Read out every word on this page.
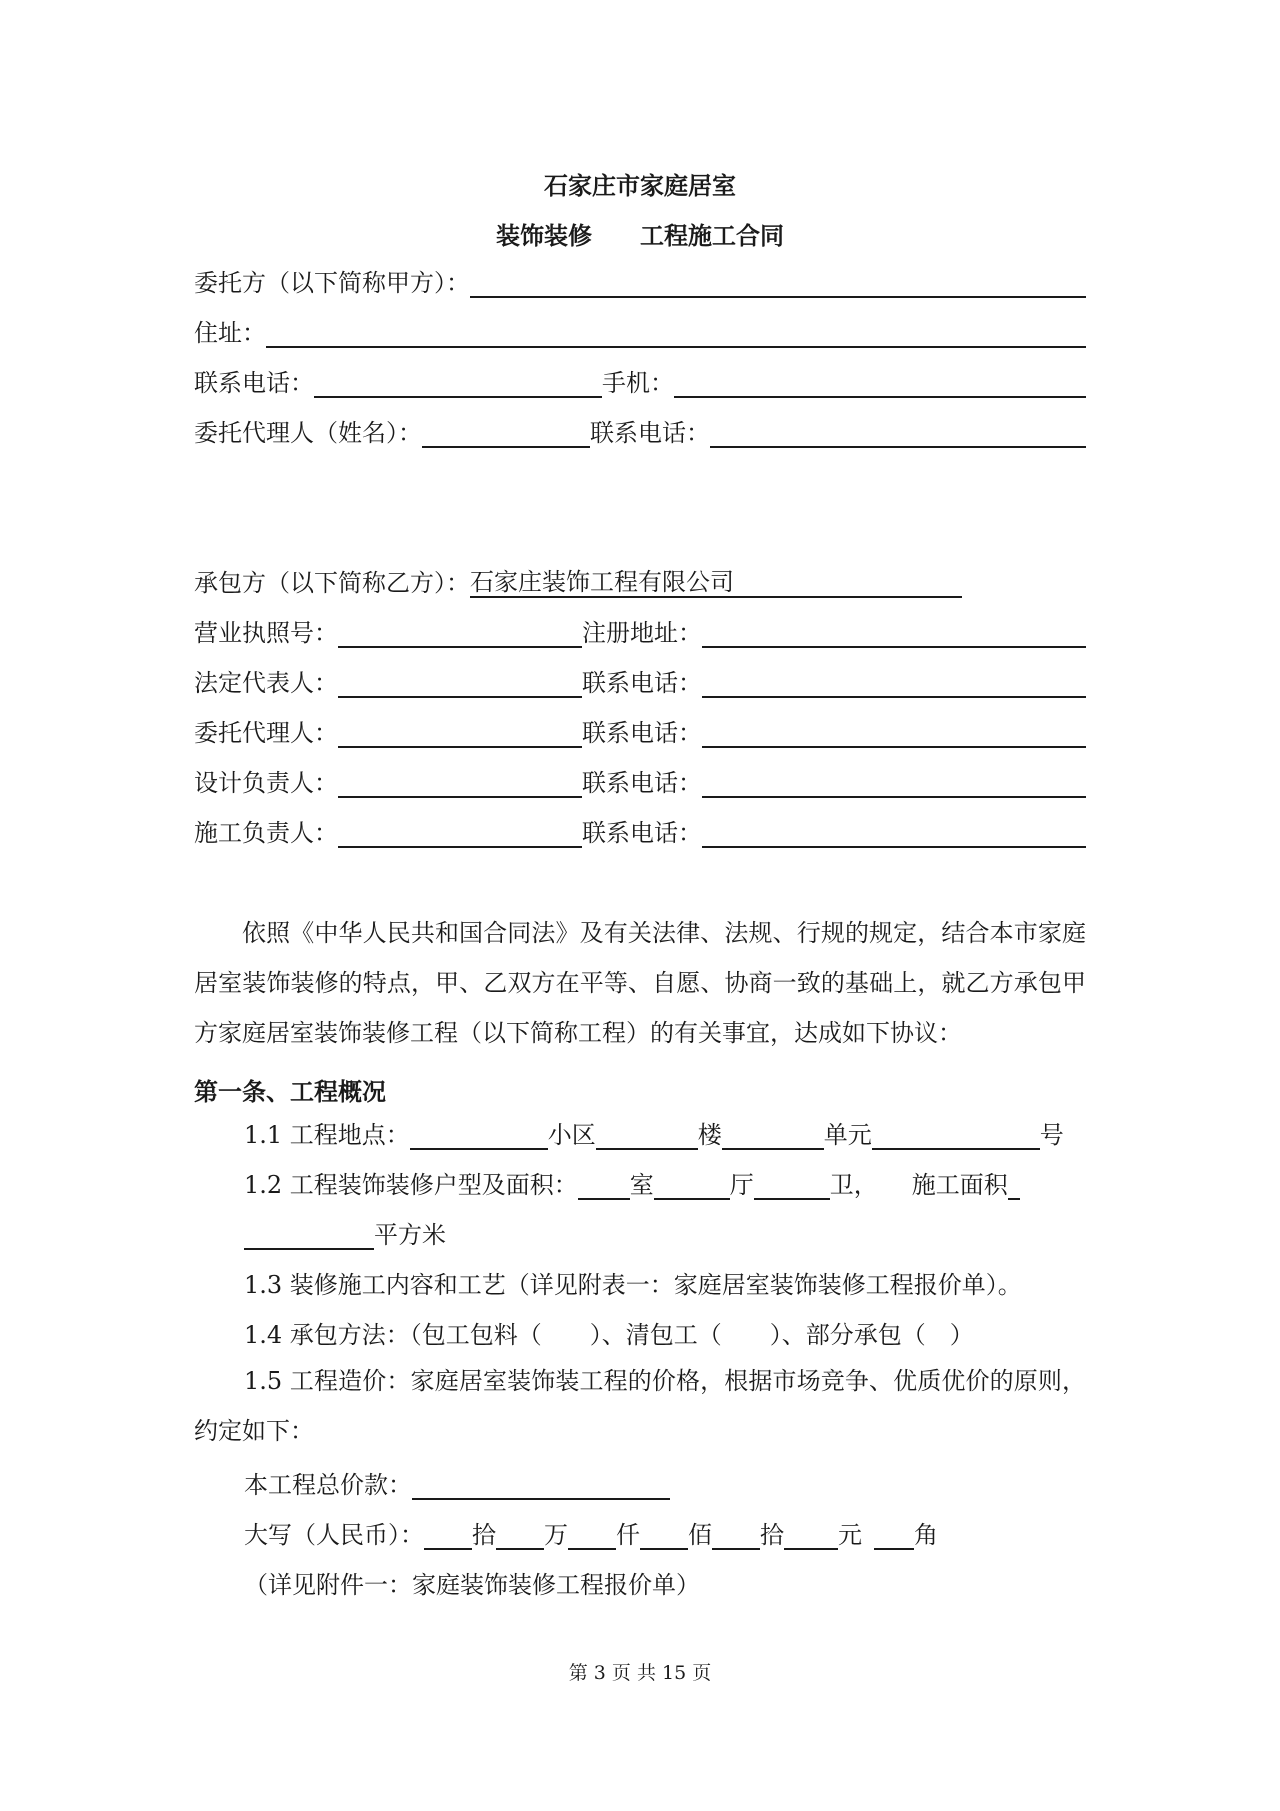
石家庄市家庭居室
装饰装修 工程施工合同
委托方（以下简称甲方）：
住址：
联系电话：	手机：
委托代理人（姓名）：	联系电话：
承包方（以下简称乙方）： 石家庄装饰工程有限公司
营业执照号：	注册地址：
法定代表人：	联系电话：
委托代理人：	联系电话：
设计负责人：	联系电话：
施工负责人：	联系电话：
依照《中华人民共和国合同法》及有关法律、法规、行规的规定，结合本市家庭居室装饰装修的特点，甲、乙双方在平等、自愿、协商一致的基础上，就乙方承包甲方家庭居室装饰装修工程（以下简称工程）的有关事宜，达成如下协议：
第一条、工程概况
1.1 工程地点：	小区	楼	单元	号
1.2 工程装饰装修户型及面积： 室	厅	卫， 施工面积
平方米
1.3 装修施工内容和工艺（详见附表一：家庭居室装饰装修工程报价单）。
1.4 承包方法：（包工包料（　　）、清包工（　　）、部分承包（　）
1.5 工程造价：家庭居室装饰装工程的价格，根据市场竞争、优质优价的原则，约定如下：
本工程总价款：
大写（人民币）： 拾 万 仟 佰 拾 元 角
（详见附件一：家庭装饰装修工程报价单）
第 3 页 共 15 页
